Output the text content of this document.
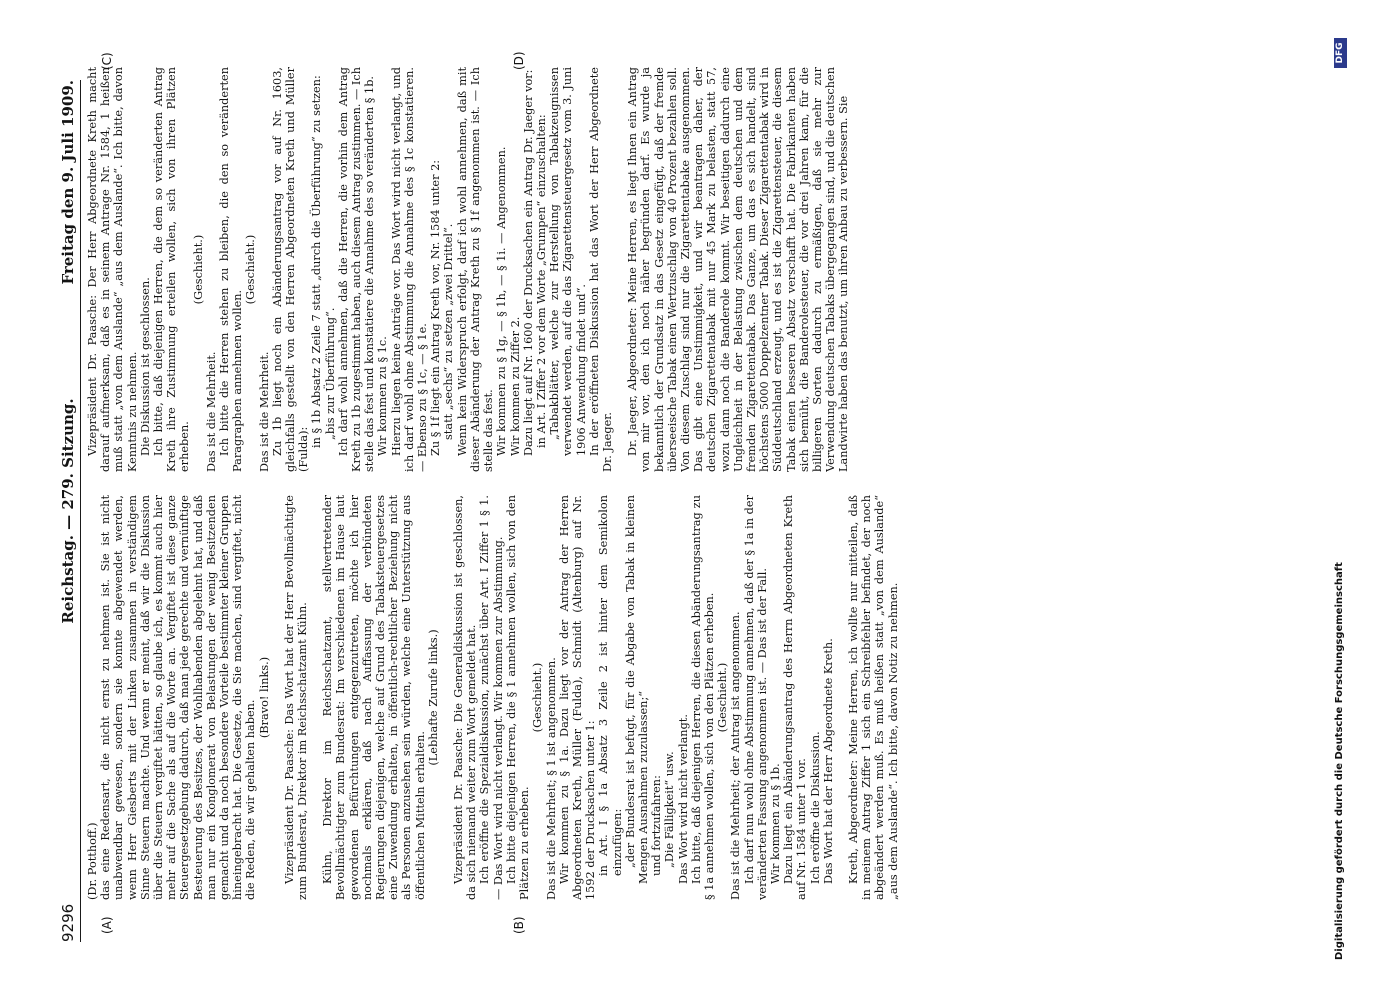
9296
Reichstag. — 279. Sitzung.
Freitag den 9. Juli 1909.
(A)	(B)
(C)	(D)

(Dr. Potthoff.) das eine Redensart, die nicht ernst zu nehmen ist. Sie ist nicht unabwendbar gewesen, sondern sie konnte abgewendet werden, wenn Herr Giesberts mit der Linken zusammen in verständigem Sinne Steuern machte. Und wenn er meint, daß wir die Diskussion über die Steuern vergiftet hätten, so glaube ich, es kommt auch hier mehr auf die Sache als auf die Worte an. Vergiftet ist diese ganze Steuergesetzgebung dadurch, daß man jede gerechte und vernünftige Besteuerung des Besitzes, der Wohlhabenden abgelehnt hat, und daß man nur ein Konglomerat von Belastungen der wenig Besitzenden gemacht und da noch besondere Vorteile bestimmter kleiner Gruppen hineingebracht hat. Die Gesetze, die Sie machen, sind vergiftet, nicht die Reden, die wir gehalten haben.

(Bravo! links.) Vizepräsident Dr. Paasche: Das Wort hat der Herr Bevollmächtigte zum Bundesrat, Direktor im Reichsschatzamt Kühn. Kühn, Direktor im Reichsschatzamt, stellvertretender Bevollmächtigter zum Bundesrat: Im verschiedenen im Hause laut gewordenen Befürchtungen entgegenzutreten, möchte ich hier nochmals erklären, daß nach Auffassung der verbündeten Regierungen diejenigen, welche auf Grund des Tabaksteuergesetzes eine Zuwendung erhalten, in öffentlich-rechtlicher Beziehung nicht als Personen anzusehen sein würden, welche eine Unterstützung aus öffentlichen Mitteln erhalten.

(Lebhafte Zurufe links.) Vizepräsident Dr. Paasche: Die Generaldiskussion ist geschlossen, da sich niemand weiter zum Wort gemeldet hat. Ich eröffne die Spezialdiskussion, zunächst über Art. I Ziffer 1 § 1. — Das Wort wird nicht verlangt. Wir kommen zur Abstimmung. Ich bitte diejenigen Herren, die § 1 annehmen wollen, sich von den Plätzen zu erheben.

(Geschieht.) Das ist die Mehrheit; § 1 ist angenommen. Wir kommen zu § 1a. Dazu liegt vor der Antrag der Herren Abgeordneten Kreth, Müller (Fulda), Schmidt (Altenburg) auf Nr. 1592 der Drucksachen unter 1: in Art. I § 1a Absatz 3 Zeile 2 ist hinter dem Semikolon einzufügen: „der Bundesrat ist befugt, für die Abgabe von Tabak in kleinen Mengen Ausnahmen zuzulassen;“ und fortzufahren: „Die Fälligkeit“ usw. Das Wort wird nicht verlangt. Ich bitte, daß diejenigen Herren, die diesen Abänderungsantrag zu § 1a annehmen wollen, sich von den Plätzen erheben. (Geschieht.) Das ist die Mehrheit; der Antrag ist angenommen. Ich darf nun wohl ohne Abstimmung annehmen, daß der § 1a in der veränderten Fassung angenommen ist. — Das ist der Fall. Wir kommen zu § 1b. Dazu liegt ein Abänderungsantrag des Herrn Abgeordneten Kreth auf Nr. 1584 unter 1 vor. Ich eröffne die Diskussion. Das Wort hat der Herr Abgeordnete Kreth. Kreth, Abgeordneter: Meine Herren, ich wollte nur mitteilen, daß in meinem Antrag Ziffer 1 sich ein Schreibfehler befindet, der noch abgeändert werden muß. Es muß heißen statt „von dem Auslande“ „aus dem Auslande“. Ich bitte, davon Notiz zu nehmen.

Vizepräsident Dr. Paasche: Der Herr Abgeordnete Kreth macht darauf aufmerksam, daß es in seinem Antrage Nr. 1584, 1 heißen muß statt „von dem Auslande“ „aus dem Auslande“. Ich bitte, davon Kenntnis zu nehmen. Die Diskussion ist geschlossen. Ich bitte, daß diejenigen Herren, die dem so veränderten Antrag Kreth ihre Zustimmung erteilen wollen, sich von ihren Plätzen erheben.

(Geschieht.)

Das ist die Mehrheit. Ich bitte die Herren stehen zu bleiben, die den so veränderten Paragraphen annehmen wollen.

(Geschieht.)

Das ist die Mehrheit. Zu 1b liegt noch ein Abänderungsantrag vor auf Nr. 1603, gleichfalls gestellt von den Herren Abgeordneten Kreth und Müller (Fulda):

in § 1b Absatz 2 Zeile 7 statt „durch die Überführung“ zu setzen: „bis zur Überführung“. Ich darf wohl annehmen, daß die Herren, die vorhin dem Antrag Kreth zu 1b zugestimmt haben, auch diesem Antrag zustimmen. — Ich stelle das fest und konstatiere die Annahme des so veränderten § 1b. Wir kommen zu § 1c. Hierzu liegen keine Anträge vor. Das Wort wird nicht verlangt, und ich darf wohl ohne Abstimmung die Annahme des § 1c konstatieren. — Ebenso zu § 1c, — § 1e. Zu § 1f liegt ein Antrag Kreth vor, Nr. 1584 unter 2: statt „sechs“ zu setzen „zwei Drittel“. Wenn kein Widerspruch erfolgt, darf ich wohl annehmen, daß mit dieser Abänderung der Antrag Kreth zu § 1f angenommen ist. — Ich stelle das fest. Wir kommen zu § 1g, — § 1h, — § 1i. — Angenommen. Wir kommen zu Ziffer 2. Dazu liegt auf Nr. 1600 der Drucksachen ein Antrag Dr. Jaeger vor: in Art. I Ziffer 2 vor dem Worte „Grumpen“ einzuschalten: „Tabakblätter, welche zur Herstellung von Tabakzeugnissen verwendet werden, auf die das Zigarettensteuergesetz vom 3. Juni 1906 Anwendung findet und“. In der eröffneten Diskussion hat das Wort der Herr Abgeordnete Dr. Jaeger. Dr. Jaeger, Abgeordneter: Meine Herren, es liegt Ihnen ein Antrag von mir vor, den ich noch näher begründen darf. Es wurde ja bekanntlich der Grundsatz in das Gesetz eingefügt, daß der fremde überseeische Tabak einen Wertzuschlag von 40 Prozent bezahlen soll. Von diesem Zuschlag sind nur die Zigarettentabake ausgenommen. Das gibt eine Unstimmigkeit, und wir beantragen daher, der deutschen Zigarettentabak mit nur 45 Mark zu belasten, statt 57, wozu dann noch die Banderole kommt. Wir beseitigen dadurch eine Ungleichheit in der Belastung zwischen dem deutschen und dem fremden Zigarettentabak. Das Ganze, um das es sich handelt, sind höchstens 5000 Doppelzentner Tabak. Dieser Zigarettentabak wird in Süddeutschland erzeugt, und es ist die Zigarettensteuer, die diesem Tabak einen besseren Absatz verschafft hat. Die Fabrikanten haben sich bemüht, die Banderolesteuer, die vor drei Jahren kam, für die billigeren Sorten dadurch zu ermäßigen, daß sie mehr zur Verwendung deutschen Tabaks übergegangen sind, und die deutschen Landwirte haben das benutzt, um ihren Anbau zu verbessern. Sie

Digitalisierung gefördert durch die Deutsche Forschungsgemeinschaft
DFG
